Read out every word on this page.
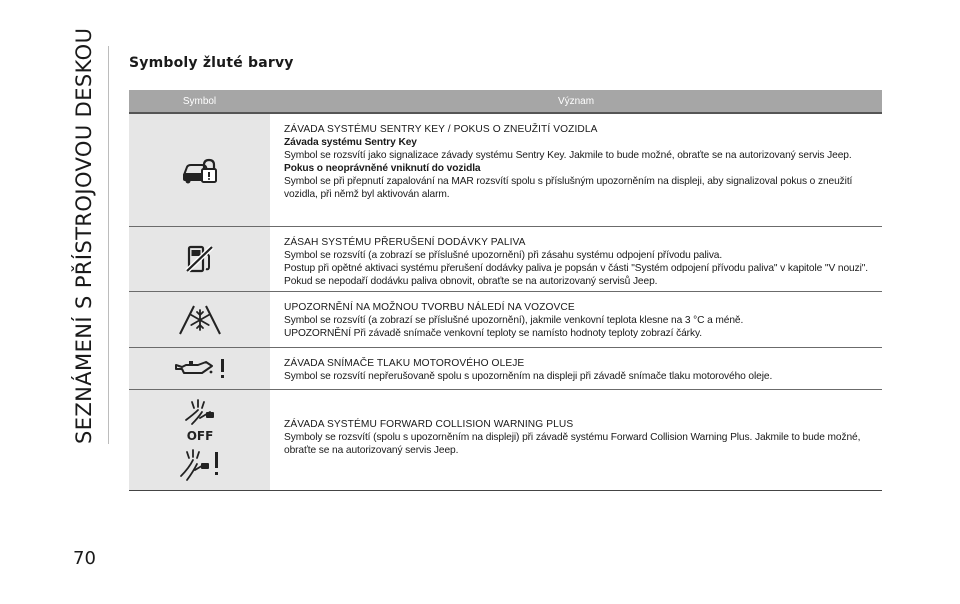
SEZNÁMENÍ S PŘÍSTROJOVOU DESKOU
70
Symboly žluté barvy
Symbol	Význam

ZÁVADA SYSTÉMU SENTRY KEY / POKUS O ZNEUŽITÍ VOZIDLA

Závada systému Sentry Key

Symbol se rozsvítí jako signalizace závady systému Sentry Key. Jakmile to bude možné, obraťte se na autorizovaný servis Jeep.

Pokus o neoprávněné vniknutí do vozidla

Symbol se při přepnutí zapalování na MAR rozsvítí spolu s příslušným upozorněním na displeji, aby signalizoval pokus o zneužití vozidla, při němž byl aktivován alarm.

ZÁSAH SYSTÉMU PŘERUŠENÍ DODÁVKY PALIVA

Symbol se rozsvítí (a zobrazí se příslušné upozornění) při zásahu systému odpojení přívodu paliva.

Postup při opětné aktivaci systému přerušení dodávky paliva je popsán v části "Systém odpojení přívodu paliva" v kapitole "V nouzi". Pokud se nepodaří dodávku paliva obnovit, obraťte se na autorizovaný servisů Jeep.

UPOZORNĚNÍ NA MOŽNOU TVORBU NÁLEDÍ NA VOZOVCE

Symbol se rozsvítí (a zobrazí se příslušné upozornění), jakmile venkovní teplota klesne na 3 °C a méně.

UPOZORNĚNÍ Při závadě snímače venkovní teploty se namísto hodnoty teploty zobrazí čárky.

ZÁVADA SNÍMAČE TLAKU MOTOROVÉHO OLEJE

Symbol se rozsvítí nepřerušovaně spolu s upozorněním na displeji při závadě snímače tlaku motorového oleje.

OFF

ZÁVADA SYSTÉMU FORWARD COLLISION WARNING PLUS

Symboly se rozsvítí (spolu s upozorněním na displeji) při závadě systému Forward Collision Warning Plus. Jakmile to bude možné, obraťte se na autorizovaný servis Jeep.
